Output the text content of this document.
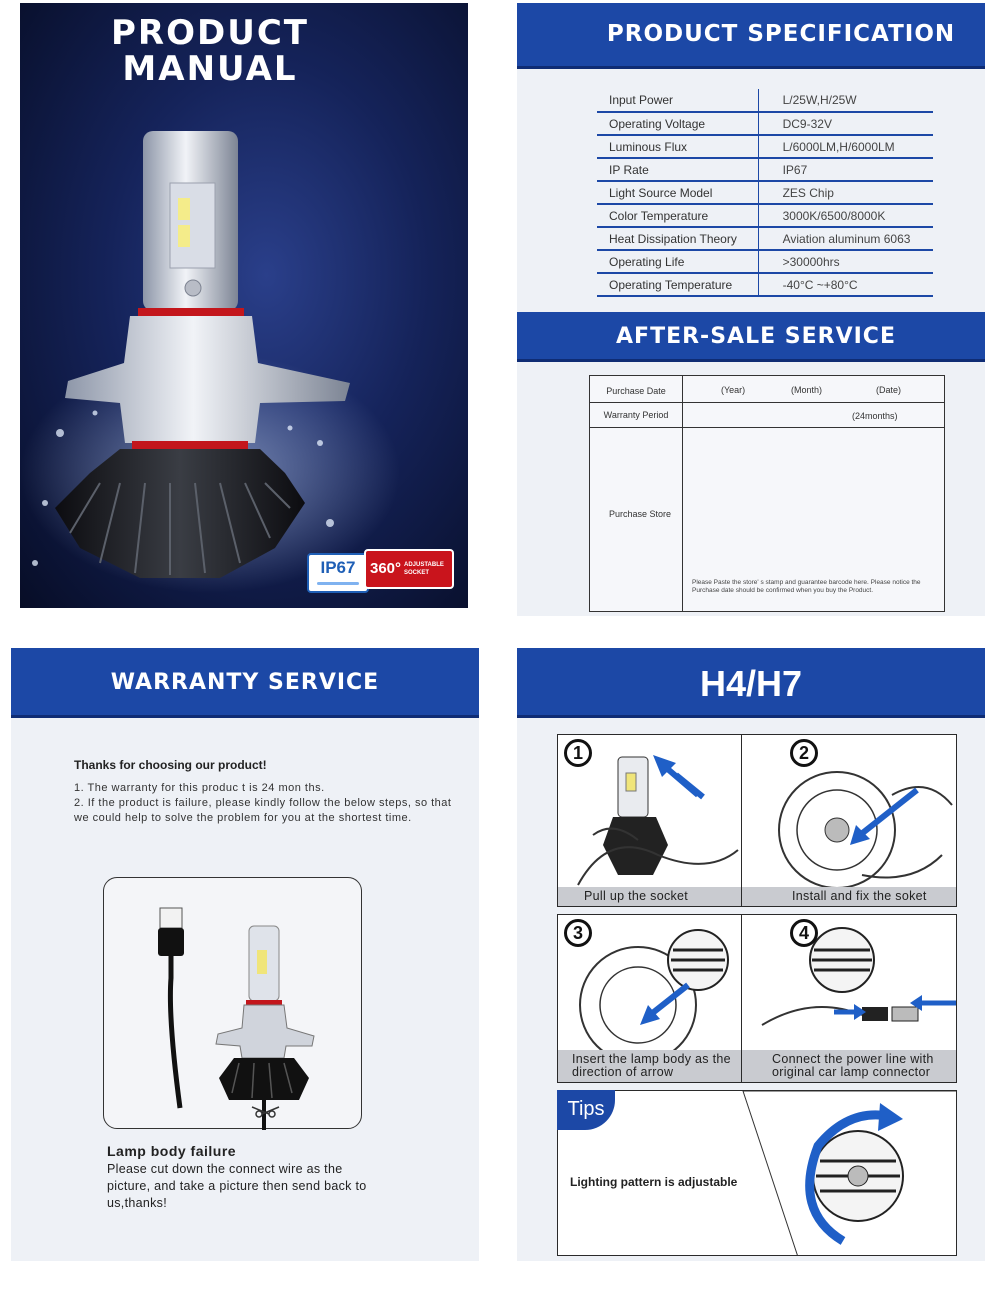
PRODUCT
MANUAL
IP67 360° ADJUSTABLE SOCKET
PRODUCT SPECIFICATION
Input Power	L/25W,H/25W
Operating Voltage	DC9-32V
Luminous Flux	L/6000LM,H/6000LM
IP Rate	IP67
Light Source Model	ZES Chip
Color Temperature	3000K/6500/8000K
Heat Dissipation Theory	Aviation aluminum 6063
Operating Life	>30000hrs
Operating Temperature	-40°C ~+80°C
AFTER-SALE SERVICE
Purchase Date	(Year)	(Month)	(Date)
Warranty Period	(24months)
Purchase Store
Please Paste the store' s stamp and guarantee barcode here. Please notice the Purchase date should be confirmed when you buy the Product.
WARRANTY SERVICE
Thanks for choosing our product!
1. The warranty for this produc t is 24 mon ths.
2. If the product is failure, please kindly follow the below steps, so that we could help to solve the problem for you at the shortest time.
Lamp body failure
Please cut down the connect wire as the picture, and take a picture then send back to us,thanks!
H4/H7
1
Pull up the socket
2
Install and fix the soket
3
Insert the lamp body as the direction of arrow
4
Connect the power line with original car lamp connector
Tips
Lighting pattern is adjustable
